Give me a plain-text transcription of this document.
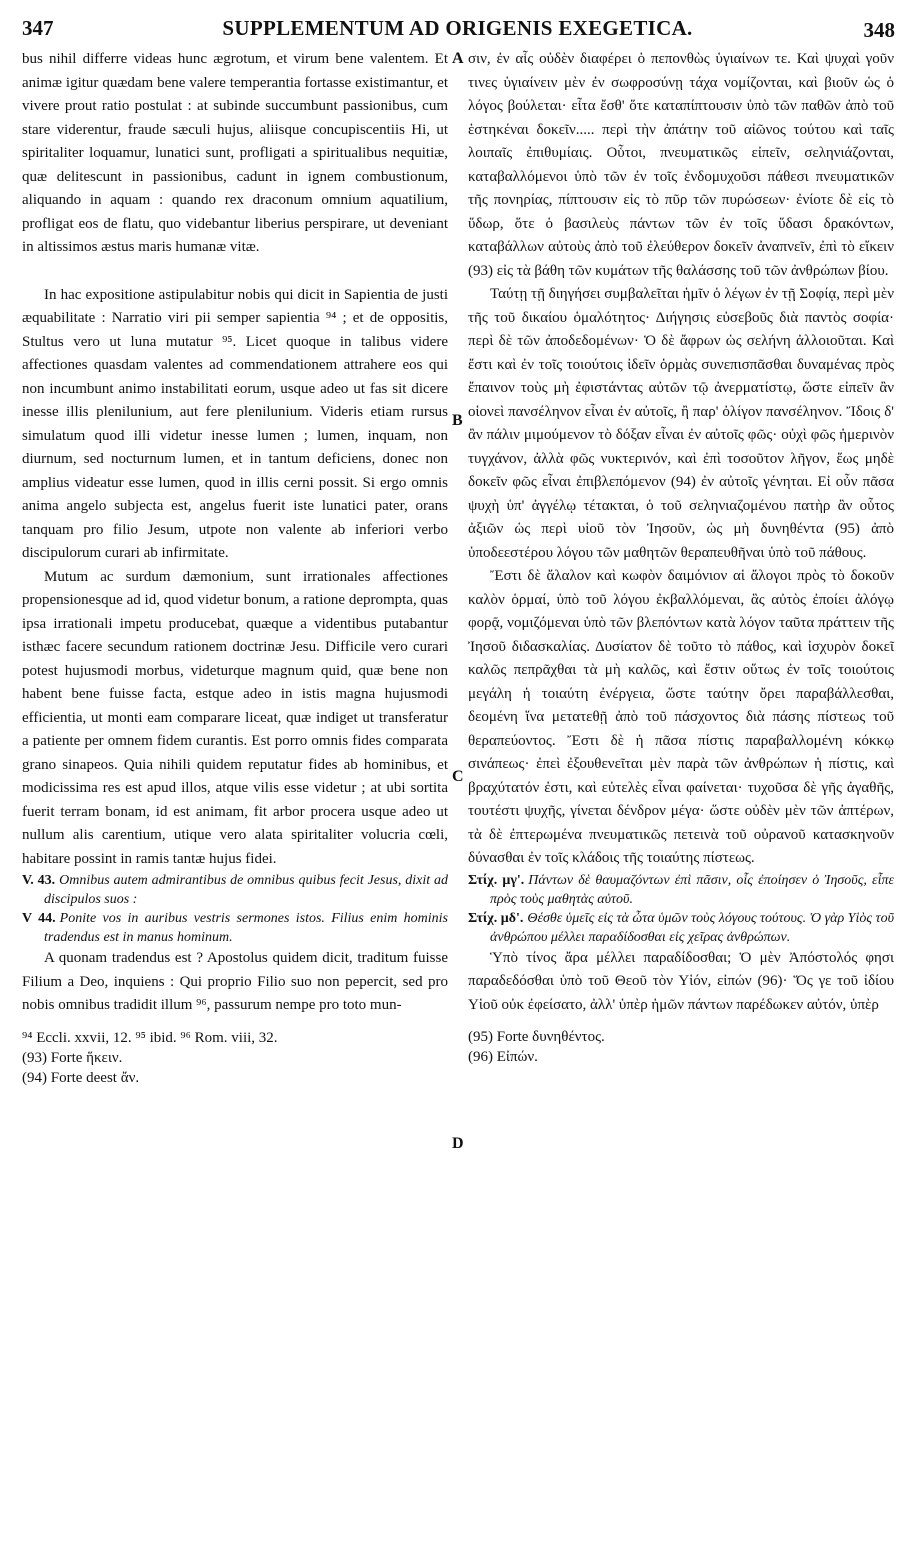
347	SUPPLEMENTUM AD ORIGENIS EXEGETICA.	348
A
B
C
D

bus nihil differre videas hunc ægrotum, et virum bene valentem. Et animæ igitur quædam bene valere temperantia fortasse existimantur, et vivere prout ratio postulat : at subinde succumbunt passionibus, cum stare viderentur, fraude sæculi hujus, aliisque concupiscentiis Hi, ut spiritaliter loquamur, lunatici sunt, profligati a spiritualibus nequitiæ, quæ delitescunt in passionibus, cadunt in ignem combustionum, aliquando in aquam : quando rex draconum omnium aquatilium, profligat eos de flatu, quo videbantur liberius perspirare, ut deveniant in altissimos æstus maris humanæ vitæ.

In hac expositione astipulabitur nobis qui dicit in Sapientia de justi æquabilitate : Narratio viri pii semper sapientia ⁹⁴ ; et de oppositis, Stultus vero ut luna mutatur ⁹⁵. Licet quoque in talibus videre affectiones quasdam valentes ad commendationem attrahere eos qui non incumbunt animo instabilitati eorum, usque adeo ut fas sit dicere inesse illis plenilunium, aut fere plenilunium. Videris etiam rursus simulatum quod illi videtur inesse lumen ; lumen, inquam, non diurnum, sed nocturnum lumen, et in tantum deficiens, donec non amplius videatur esse lumen, quod in illis cerni possit. Si ergo omnis anima angelo subjecta est, angelus fuerit iste lunatici pater, orans tanquam pro filio Jesum, utpote non valente ab inferiori verbo discipulorum curari ab infirmitate.

Mutum ac surdum dæmonium, sunt irrationales affectiones propensionesque ad id, quod videtur bonum, a ratione deprompta, quas ipsa irrationali impetu producebat, quæque a videntibus putabantur isthæc facere secundum rationem doctrinæ Jesu. Difficile vero curari potest hujusmodi morbus, videturque magnum quid, quæ bene non habent bene fuisse facta, estque adeo in istis magna hujusmodi efficientia, ut monti eam comparare liceat, quæ indiget ut transferatur a patiente per omnem fidem curantis. Est porro omnis fides comparata grano sinapeos. Quia nihili quidem reputatur fides ab hominibus, et modicissima res est apud illos, atque vilis esse videtur ; at ubi sortita fuerit terram bonam, id est animam, fit arbor procera usque adeo ut nullum alis carentium, utique vero alata spiritaliter volucria cœli, habitare possint in ramis tantæ hujus fidei.

V. 43. Omnibus autem admirantibus de omnibus quibus fecit Jesus, dixit ad discipulos suos :

V 44. Ponite vos in auribus vestris sermones istos. Filius enim hominis tradendus est in manus hominum.

A quonam tradendus est ? Apostolus quidem dicit, traditum fuisse Filium a Deo, inquiens : Qui proprio Filio suo non pepercit, sed pro nobis omnibus tradidit illum ⁹⁶, passurum nempe pro toto mun-

⁹⁴ Eccli. xxvii, 12. ⁹⁵ ibid. ⁹⁶ Rom. viii, 32.
(93) Forte ἥκειν.
(94) Forte deest ἄν.

σιν, ἐν αἷς οὐδὲν διαφέρει ὁ πεπονθὼς ὑγιαίνων τε. Καὶ ψυχαὶ γοῦν τινες ὑγιαίνειν μὲν ἐν σωφροσύνῃ τάχα νομίζονται, καὶ βιοῦν ὡς ὁ λόγος βούλεται· εἶτα ἔσθ' ὅτε καταπίπτουσιν ὑπὸ τῶν παθῶν ἀπὸ τοῦ ἑστηκέναι δοκεῖν..... περὶ τὴν ἀπάτην τοῦ αἰῶνος τούτου καὶ ταῖς λοιπαῖς ἐπιθυμίαις. Οὗτοι, πνευματικῶς εἰπεῖν, σεληνιάζονται, καταβαλλόμενοι ὑπὸ τῶν ἐν τοῖς ἐνδομυχοῦσι πάθεσι πνευματικῶν τῆς πονηρίας, πίπτουσιν εἰς τὸ πῦρ τῶν πυρώσεων· ἐνίοτε δὲ εἰς τὸ ὕδωρ, ὅτε ὁ βασιλεὺς πάντων τῶν ἐν τοῖς ὕδασι δρακόντων, καταβάλλων αὐτοὺς ἀπὸ τοῦ ἐλεύθερον δοκεῖν ἀναπνεῖν, ἐπὶ τὸ εἴκειν (93) εἰς τὰ βάθη τῶν κυμάτων τῆς θαλάσσης τοῦ τῶν ἀνθρώπων βίου.

Ταύτῃ τῇ διηγήσει συμβαλεῖται ἡμῖν ὁ λέγων ἐν τῇ Σοφίᾳ, περὶ μὲν τῆς τοῦ δικαίου ὁμαλότητος· Διήγησις εὐσεβοῦς διὰ παντὸς σοφία· περὶ δὲ τῶν ἀποδεδομένων· Ὁ δὲ ἄφρων ὡς σελήνη ἀλλοιοῦται. Καὶ ἔστι καὶ ἐν τοῖς τοιούτοις ἰδεῖν ὁρμὰς συνεπισπᾶσθαι δυναμένας πρὸς ἔπαινον τοὺς μὴ ἐφιστάντας αὐτῶν τῷ ἀνερματίστῳ, ὥστε εἰπεῖν ἂν οἱονεὶ πανσέληνον εἶναι ἐν αὐτοῖς, ἢ παρ' ὀλίγον πανσέληνον. Ἴδοις δ' ἂν πάλιν μιμούμενον τὸ δόξαν εἶναι ἐν αὐτοῖς φῶς· οὐχὶ φῶς ἡμερινὸν τυγχάνον, ἀλλὰ φῶς νυκτερινόν, καὶ ἐπὶ τοσοῦτον λῆγον, ἕως μηδὲ δοκεῖν φῶς εἶναι ἐπιβλεπόμενον (94) ἐν αὐτοῖς γένηται. Εἰ οὖν πᾶσα ψυχὴ ὑπ' ἀγγέλῳ τέτακται, ὁ τοῦ σεληνιαζομένου πατὴρ ἂν οὗτος ἀξιῶν ὡς περὶ υἱοῦ τὸν Ἰησοῦν, ὡς μὴ δυνηθέντα (95) ἀπὸ ὑποδεεστέρου λόγου τῶν μαθητῶν θεραπευθῆναι ὑπὸ τοῦ πάθους.

Ἔστι δὲ ἄλαλον καὶ κωφὸν δαιμόνιον αἱ ἄλογοι πρὸς τὸ δοκοῦν καλὸν ὁρμαί, ὑπὸ τοῦ λόγου ἐκβαλλόμεναι, ἃς αὐτὸς ἐποίει ἀλόγῳ φορᾷ, νομιζόμεναι ὑπὸ τῶν βλεπόντων κατὰ λόγον ταῦτα πράττειν τῆς Ἰησοῦ διδασκαλίας. Δυσίατον δὲ τοῦτο τὸ πάθος, καὶ ἰσχυρὸν δοκεῖ καλῶς πεπρᾶχθαι τὰ μὴ καλῶς, καὶ ἔστιν οὕτως ἐν τοῖς τοιούτοις μεγάλη ἡ τοιαύτη ἐνέργεια, ὥστε ταύτην ὄρει παραβάλλεσθαι, δεομένη ἵνα μετατεθῇ ἀπὸ τοῦ πάσχοντος διὰ πάσης πίστεως τοῦ θεραπεύοντος. Ἔστι δὲ ἡ πᾶσα πίστις παραβαλλομένη κόκκῳ σινάπεως· ἐπεὶ ἐξουθενεῖται μὲν παρὰ τῶν ἀνθρώπων ἡ πίστις, καὶ βραχύτατόν ἐστι, καὶ εὐτελὲς εἶναι φαίνεται· τυχοῦσα δὲ γῆς ἀγαθῆς, τουτέστι ψυχῆς, γίνεται δένδρον μέγα· ὥστε οὐδὲν μὲν τῶν ἀπτέρων, τὰ δὲ ἐπτερωμένα πνευματικῶς πετεινὰ τοῦ οὐρανοῦ κατασκηνοῦν δύνασθαι ἐν τοῖς κλάδοις τῆς τοιαύτης πίστεως.

Στίχ. μγ'. Πάντων δὲ θαυμαζόντων ἐπὶ πᾶσιν, οἷς ἐποίησεν ὁ Ἰησοῦς, εἶπε πρὸς τοὺς μαθητὰς αὐτοῦ.

Στίχ. μδ'. Θέσθε ὑμεῖς εἰς τὰ ὦτα ὑμῶν τοὺς λόγους τούτους. Ὁ γὰρ Υἱὸς τοῦ ἀνθρώπου μέλλει παραδίδοσθαι εἰς χεῖρας ἀνθρώπων.

Ὑπὸ τίνος ἄρα μέλλει παραδίδοσθαι; Ὁ μὲν Ἀπόστολός φησι παραδεδόσθαι ὑπὸ τοῦ Θεοῦ τὸν Υἱόν, εἰπών (96)· Ὅς γε τοῦ ἰδίου Υἱοῦ οὐκ ἐφείσατο, ἀλλ' ὑπὲρ ἡμῶν πάντων παρέδωκεν αὐτόν, ὑπὲρ

(95) Forte δυνηθέντος.
(96) Εἰπών.
